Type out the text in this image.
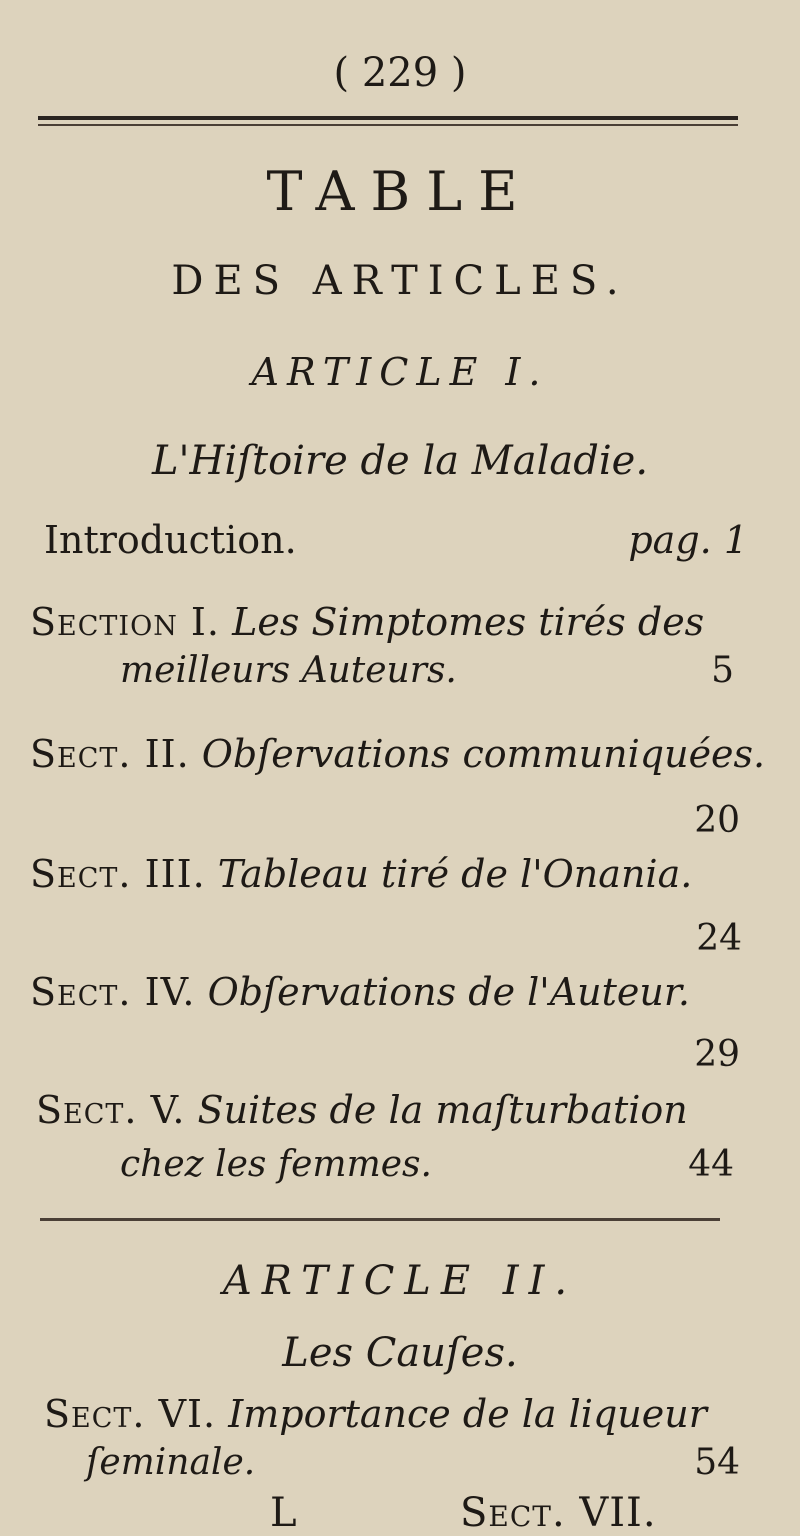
( 229 )
TABLE
DES ARTICLES.
ARTICLE I.
L'Hiſtoire de la Maladie.
Introduction.	pag. 1
Section I. Les Simptomes tirés des
meilleurs Auteurs.	5
Sect. II. Obſervations communiquées.
20
Sect. III. Tableau tiré de l'Onania.
24
Sect. IV. Obſervations de l'Auteur.
29
Sect. V. Suites de la maſturbation
chez les femmes.	44
ARTICLE II.
Les Cauſes.
Sect. VI. Importance de la liqueur
ſeminale.	54
L	Sect. VII.
